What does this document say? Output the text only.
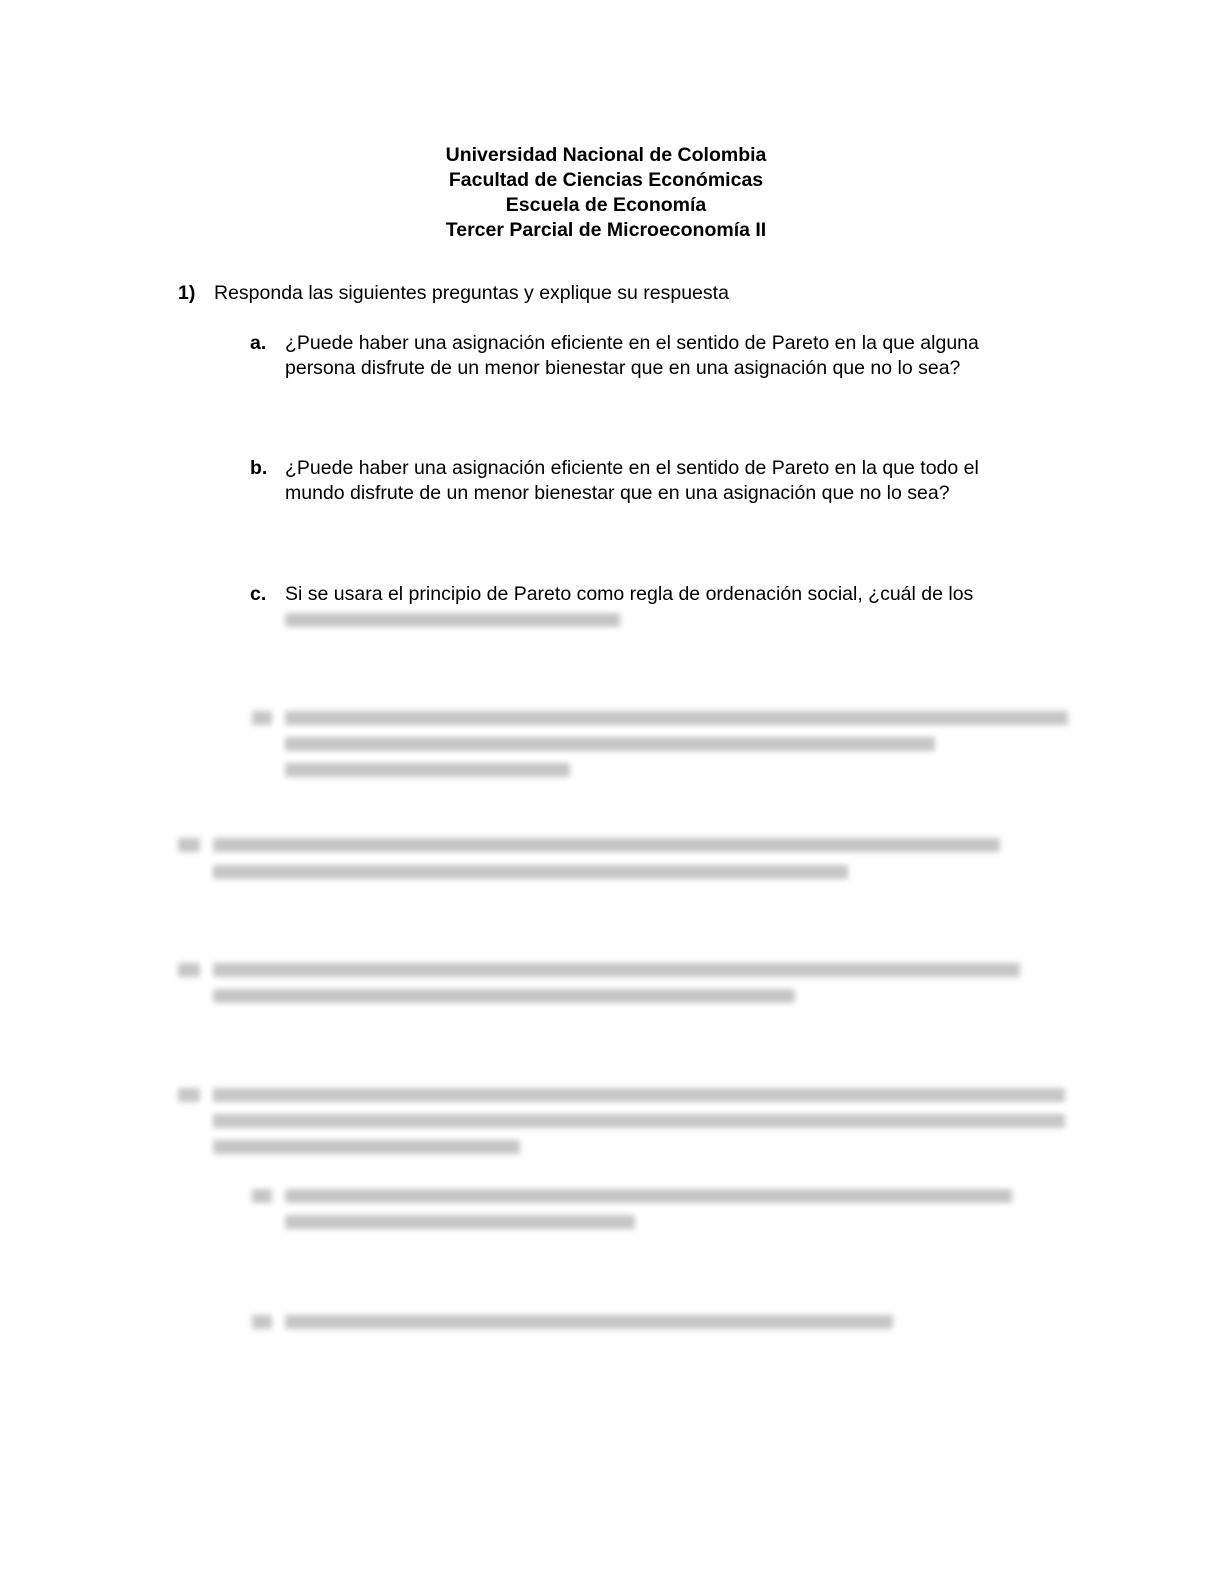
Universidad Nacional de Colombia
Facultad de Ciencias Económicas
Escuela de Economía
Tercer Parcial de Microeconomía II
1) Responda las siguientes preguntas y explique su respuesta
a. ¿Puede haber una asignación eficiente en el sentido de Pareto en la que alguna
persona disfrute de un menor bienestar que en una asignación que no lo sea?
b. ¿Puede haber una asignación eficiente en el sentido de Pareto en la que todo el
mundo disfrute de un menor bienestar que en una asignación que no lo sea?
c. Si se usara el principio de Pareto como regla de ordenación social, ¿cuál de los
